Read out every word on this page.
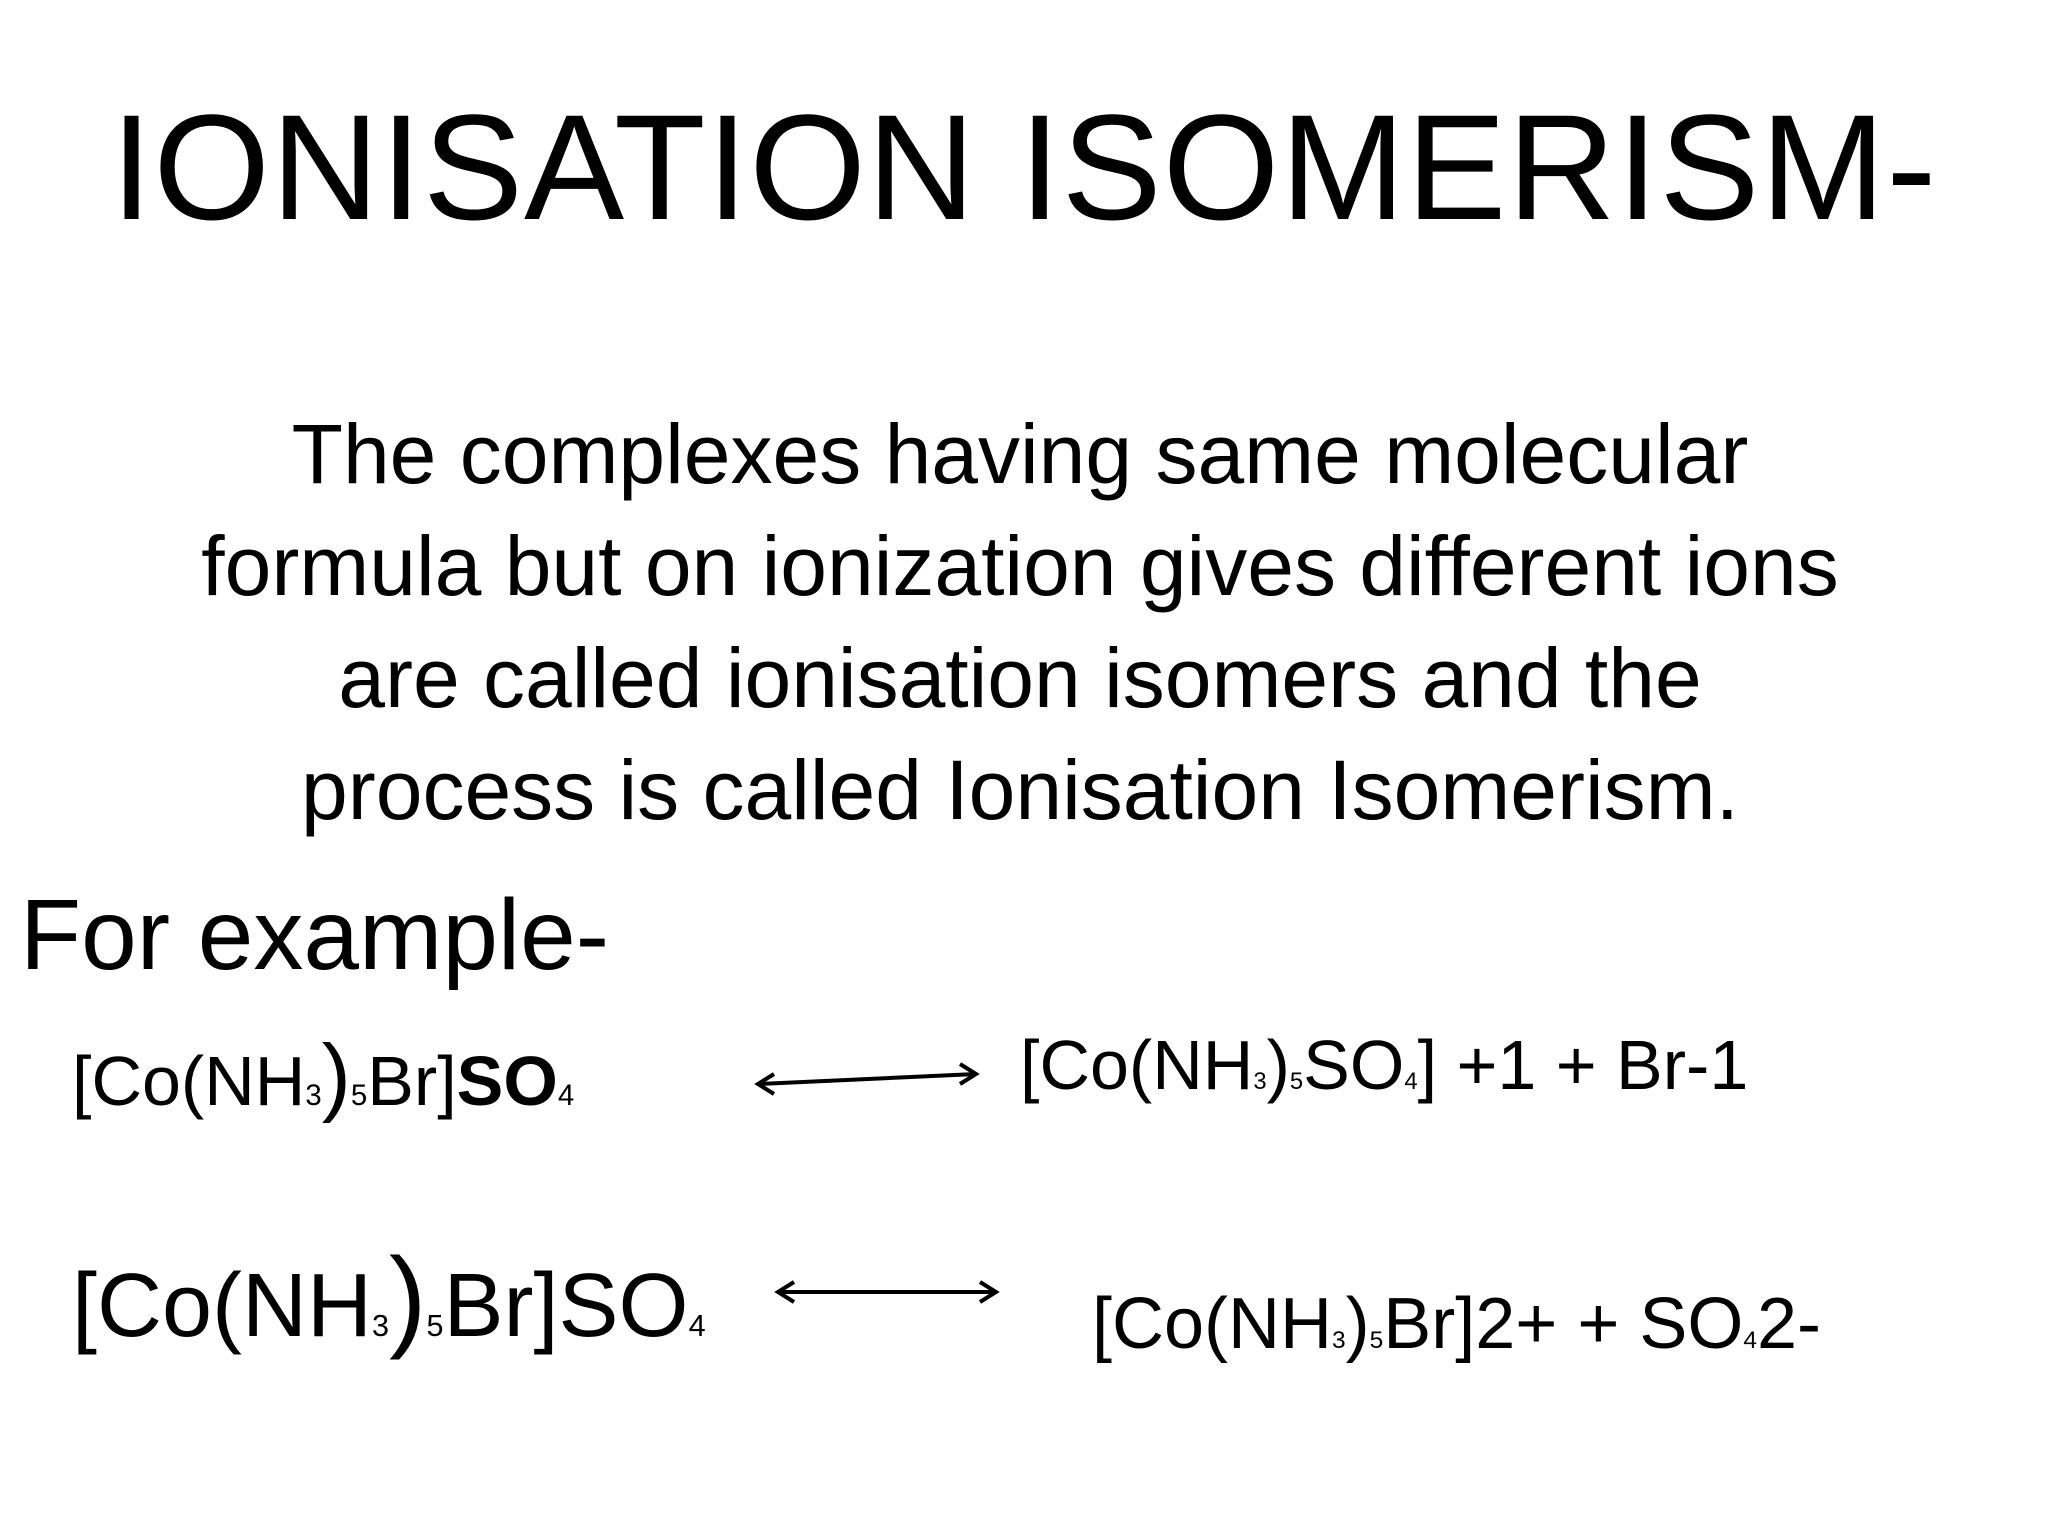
IONISATION ISOMERISM-
The complexes having same molecular
formula but on ionization gives different ions
are called ionisation isomers and the
process is called Ionisation Isomerism.
For example-
[Co(NH3)5Br]SO4	[Co(NH3)5SO4] +1 + Br-1
[Co(NH3)5Br]SO4	[Co(NH3)5Br]2+ + SO42-
